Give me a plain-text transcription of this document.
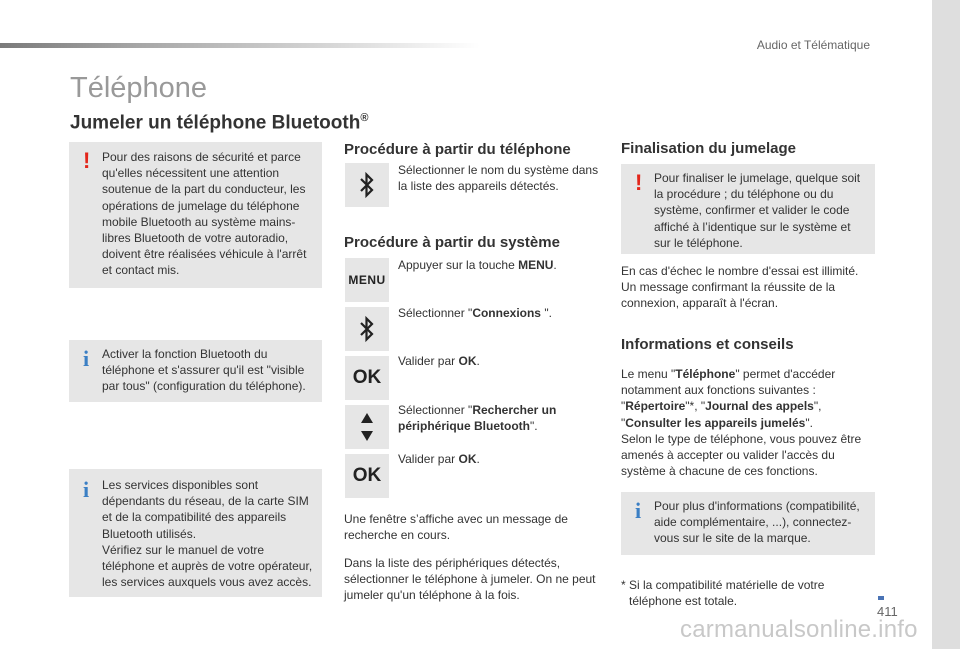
Audio et Télématique
Téléphone
Jumeler un téléphone Bluetooth®
! Pour des raisons de sécurité et parce qu'elles nécessitent une attention soutenue de la part du conducteur, les opérations de jumelage du téléphone mobile Bluetooth au système mains-libres Bluetooth de votre autoradio, doivent être réalisées véhicule à l'arrêt et contact mis.
i Activer la fonction Bluetooth du téléphone et s'assurer qu'il est "visible par tous" (configuration du téléphone).
i Les services disponibles sont dépendants du réseau, de la carte SIM et de la compatibilité des appareils Bluetooth utilisés.
Vérifiez sur le manuel de votre téléphone et auprès de votre opérateur, les services auxquels vous avez accès.
Procédure à partir du téléphone
Sélectionner le nom du système dans la liste des appareils détectés.
Procédure à partir du système
MENU
Appuyer sur la touche MENU.
Sélectionner "Connexions ".
OK
Valider par OK.
Sélectionner "Rechercher un périphérique Bluetooth".
OK
Valider par OK.
Une fenêtre s’affiche avec un message de recherche en cours.
Dans la liste des périphériques détectés, sélectionner le téléphone à jumeler. On ne peut jumeler qu'un téléphone à la fois.
Finalisation du jumelage
! Pour finaliser le jumelage, quelque soit la procédure ; du téléphone ou du système, confirmer et valider le code affiché à l’identique sur le système et sur le téléphone.
En cas d'échec le nombre d'essai est illimité.
Un message confirmant la réussite de la connexion, apparaît à l'écran.
Informations et conseils
Le menu "Téléphone" permet d'accéder notamment aux fonctions suivantes : "Répertoire"*, "Journal des appels", "Consulter les appareils jumelés".
Selon le type de téléphone, vous pouvez être amenés à accepter ou valider l'accès du système à chacune de ces fonctions.
i Pour plus d'informations (compatibilité, aide complémentaire, ...), connectez-vous sur le site de la marque.
* Si la compatibilité matérielle de votre téléphone est totale.
411
carmanualsonline.info
